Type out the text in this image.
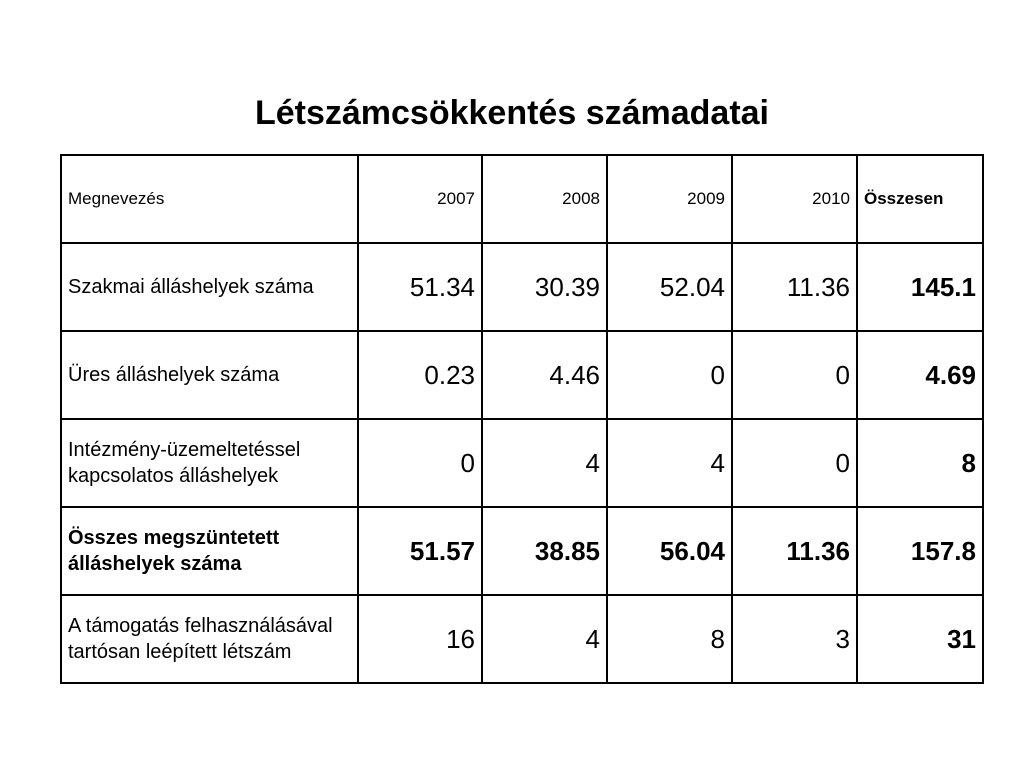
Létszámcsökkentés számadatai
Megnevezés	2007	2008	2009	2010	Összesen
Szakmai álláshelyek száma	51.34	30.39	52.04	11.36	145.1
Üres álláshelyek száma	0.23	4.46	0	0	4.69
Intézmény-üzemeltetéssel kapcsolatos álláshelyek	0	4	4	0	8
Összes megszüntetett álláshelyek száma	51.57	38.85	56.04	11.36	157.8
A támogatás felhasználásával tartósan leépített létszám	16	4	8	3	31
